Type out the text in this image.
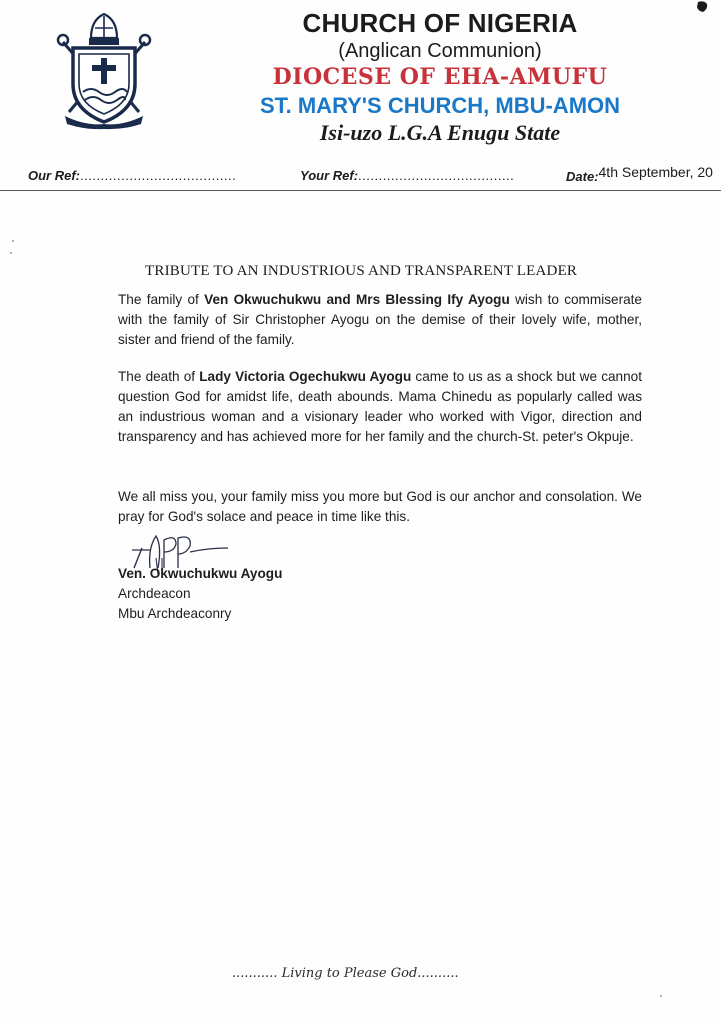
CHURCH OF NIGERIA
(Anglican Communion)
DIOCESE OF EHA-AMUFU
ST. MARY'S CHURCH, MBU-AMON
Isi-uzo L.G.A Enugu State
Our Ref:......................................	Your Ref:......................................	Date:4th September, 20
TRIBUTE TO AN INDUSTRIOUS AND TRANSPARENT LEADER

The family of Ven Okwuchukwu and Mrs Blessing Ify Ayogu wish to commiserate with the family of Sir Christopher Ayogu on the demise of their lovely wife, mother, sister and friend of the family.

The death of Lady Victoria Ogechukwu Ayogu came to us as a shock but we cannot question God for amidst life, death abounds. Mama Chinedu as popularly called was an industrious woman and a visionary leader who worked with Vigor, direction and transparency and has achieved more for her family and the church-St. peter's Okpuje.

We all miss you, your family miss you more but God is our anchor and consolation. We pray for God's solace and peace in time like this.

Ven. Okwuchukwu Ayogu
Archdeacon
Mbu Archdeaconry
........... Living to Please God..........
